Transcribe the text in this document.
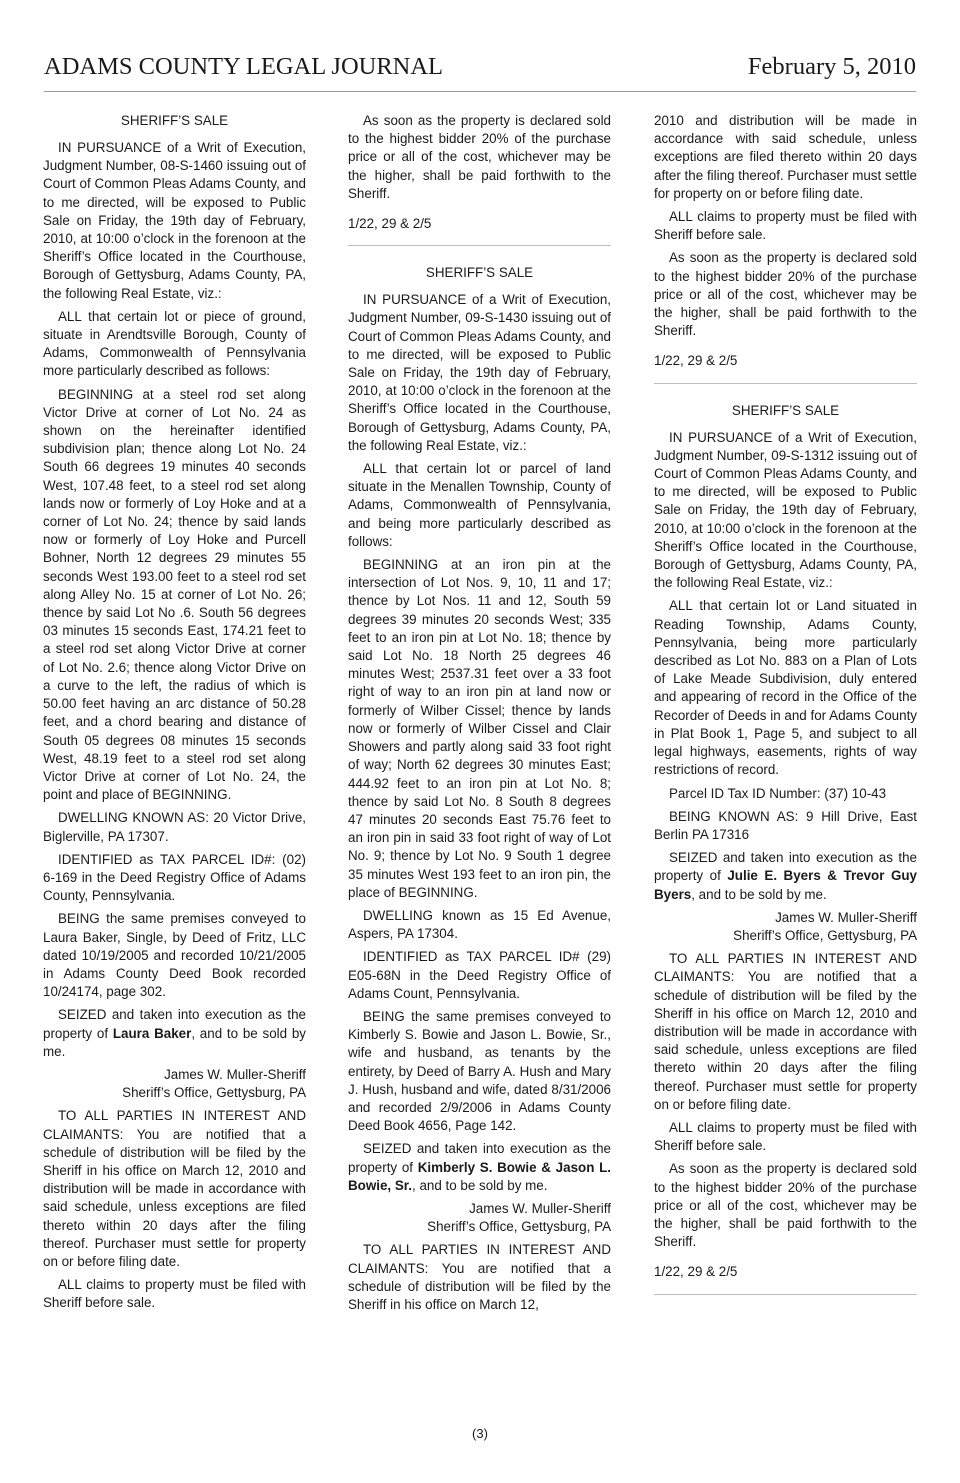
ADAMS COUNTY LEGAL JOURNAL	February 5, 2010
SHERIFF’S SALE

IN PURSUANCE of a Writ of Execution, Judgment Number, 08-S-1460 issuing out of Court of Common Pleas Adams County, and to me directed, will be exposed to Public Sale on Friday, the 19th day of February, 2010, at 10:00 o’clock in the forenoon at the Sheriff’s Office located in the Courthouse, Borough of Gettysburg, Adams County, PA, the following Real Estate, viz.:

ALL that certain lot or piece of ground, situate in Arendtsville Borough, County of Adams, Commonwealth of Pennsylvania more particularly described as follows:

BEGINNING at a steel rod set along Victor Drive at corner of Lot No. 24 as shown on the hereinafter identified subdivision plan; thence along Lot No. 24 South 66 degrees 19 minutes 40 seconds West, 107.48 feet, to a steel rod set along lands now or formerly of Loy Hoke and at a corner of Lot No. 24; thence by said lands now or formerly of Loy Hoke and Purcell Bohner, North 12 degrees 29 minutes 55 seconds West 193.00 feet to a steel rod set along Alley No. 15 at corner of Lot No. 26; thence by said Lot No .6. South 56 degrees 03 minutes 15 seconds East, 174.21 feet to a steel rod set along Victor Drive at corner of Lot No. 2.6; thence along Victor Drive on a curve to the left, the radius of which is 50.00 feet having an arc distance of 50.28 feet, and a chord bearing and distance of South 05 degrees 08 minutes 15 seconds West, 48.19 feet to a steel rod set along Victor Drive at corner of Lot No. 24, the point and place of BEGINNING.

DWELLING KNOWN AS: 20 Victor Drive, Biglerville, PA 17307.

IDENTIFIED as TAX PARCEL ID#: (02) 6-169 in the Deed Registry Office of Adams County, Pennsylvania.

BEING the same premises conveyed to Laura Baker, Single, by Deed of Fritz, LLC dated 10/19/2005 and recorded 10/21/2005 in Adams County Deed Book recorded 10/24174, page 302.

SEIZED and taken into execution as the property of Laura Baker, and to be sold by me.

James W. Muller-Sheriff

Sheriff’s Office, Gettysburg, PA

TO ALL PARTIES IN INTEREST AND CLAIMANTS: You are notified that a schedule of distribution will be filed by the Sheriff in his office on March 12, 2010 and distribution will be made in accordance with said schedule, unless exceptions are filed thereto within 20 days after the filing thereof. Purchaser must settle for property on or before filing date.

ALL claims to property must be filed with Sheriff before sale.

As soon as the property is declared sold to the highest bidder 20% of the purchase price or all of the cost, whichever may be the higher, shall be paid forthwith to the Sheriff.

1/22, 29 & 2/5

SHERIFF’S SALE

IN PURSUANCE of a Writ of Execution, Judgment Number, 09-S-1430 issuing out of Court of Common Pleas Adams County, and to me directed, will be exposed to Public Sale on Friday, the 19th day of February, 2010, at 10:00 o’clock in the forenoon at the Sheriff’s Office located in the Courthouse, Borough of Gettysburg, Adams County, PA, the following Real Estate, viz.:

ALL that certain lot or parcel of land situate in the Menallen Township, County of Adams, Commonwealth of Pennsylvania, and being more particularly described as follows:

BEGINNING at an iron pin at the intersection of Lot Nos. 9, 10, 11 and 17; thence by Lot Nos. 11 and 12, South 59 degrees 39 minutes 20 seconds West; 335 feet to an iron pin at Lot No. 18; thence by said Lot No. 18 North 25 degrees 46 minutes West; 2537.31 feet over a 33 foot right of way to an iron pin at land now or formerly of Wilber Cissel; thence by lands now or formerly of Wilber Cissel and Clair Showers and partly along said 33 foot right of way; North 62 degrees 30 minutes East; 444.92 feet to an iron pin at Lot No. 8; thence by said Lot No. 8 South 8 degrees 47 minutes 20 seconds East 75.76 feet to an iron pin in said 33 foot right of way of Lot No. 9; thence by Lot No. 9 South 1 degree 35 minutes West 193 feet to an iron pin, the place of BEGINNING.

DWELLING known as 15 Ed Avenue, Aspers, PA 17304.

IDENTIFIED as TAX PARCEL ID# (29) E05-68N in the Deed Registry Office of Adams Count, Pennsylvania.

BEING the same premises conveyed to Kimberly S. Bowie and Jason L. Bowie, Sr., wife and husband, as tenants by the entirety, by Deed of Barry A. Hush and Mary J. Hush, husband and wife, dated 8/31/2006 and recorded 2/9/2006 in Adams County Deed Book 4656, Page 142.

SEIZED and taken into execution as the property of Kimberly S. Bowie & Jason L. Bowie, Sr., and to be sold by me.

James W. Muller-Sheriff

Sheriff’s Office, Gettysburg, PA

TO ALL PARTIES IN INTEREST AND CLAIMANTS: You are notified that a schedule of distribution will be filed by the Sheriff in his office on March 12,

2010 and distribution will be made in accordance with said schedule, unless exceptions are filed thereto within 20 days after the filing thereof. Purchaser must settle for property on or before filing date.

ALL claims to property must be filed with Sheriff before sale.

As soon as the property is declared sold to the highest bidder 20% of the purchase price or all of the cost, whichever may be the higher, shall be paid forthwith to the Sheriff.

1/22, 29 & 2/5

SHERIFF’S SALE

IN PURSUANCE of a Writ of Execution, Judgment Number, 09-S-1312 issuing out of Court of Common Pleas Adams County, and to me directed, will be exposed to Public Sale on Friday, the 19th day of February, 2010, at 10:00 o’clock in the forenoon at the Sheriff’s Office located in the Courthouse, Borough of Gettysburg, Adams County, PA, the following Real Estate, viz.:

ALL that certain lot or Land situated in Reading Township, Adams County, Pennsylvania, being more particularly described as Lot No. 883 on a Plan of Lots of Lake Meade Subdivision, duly entered and appearing of record in the Office of the Recorder of Deeds in and for Adams County in Plat Book 1, Page 5, and subject to all legal highways, easements, rights of way restrictions of record.

Parcel ID Tax ID Number: (37) 10-43

BEING KNOWN AS: 9 Hill Drive, East Berlin PA 17316

SEIZED and taken into execution as the property of Julie E. Byers & Trevor Guy Byers, and to be sold by me.

James W. Muller-Sheriff

Sheriff’s Office, Gettysburg, PA

TO ALL PARTIES IN INTEREST AND CLAIMANTS: You are notified that a schedule of distribution will be filed by the Sheriff in his office on March 12, 2010 and distribution will be made in accordance with said schedule, unless exceptions are filed thereto within 20 days after the filing thereof. Purchaser must settle for property on or before filing date.

ALL claims to property must be filed with Sheriff before sale.

As soon as the property is declared sold to the highest bidder 20% of the purchase price or all of the cost, whichever may be the higher, shall be paid forthwith to the Sheriff.

1/22, 29 & 2/5

(3)
